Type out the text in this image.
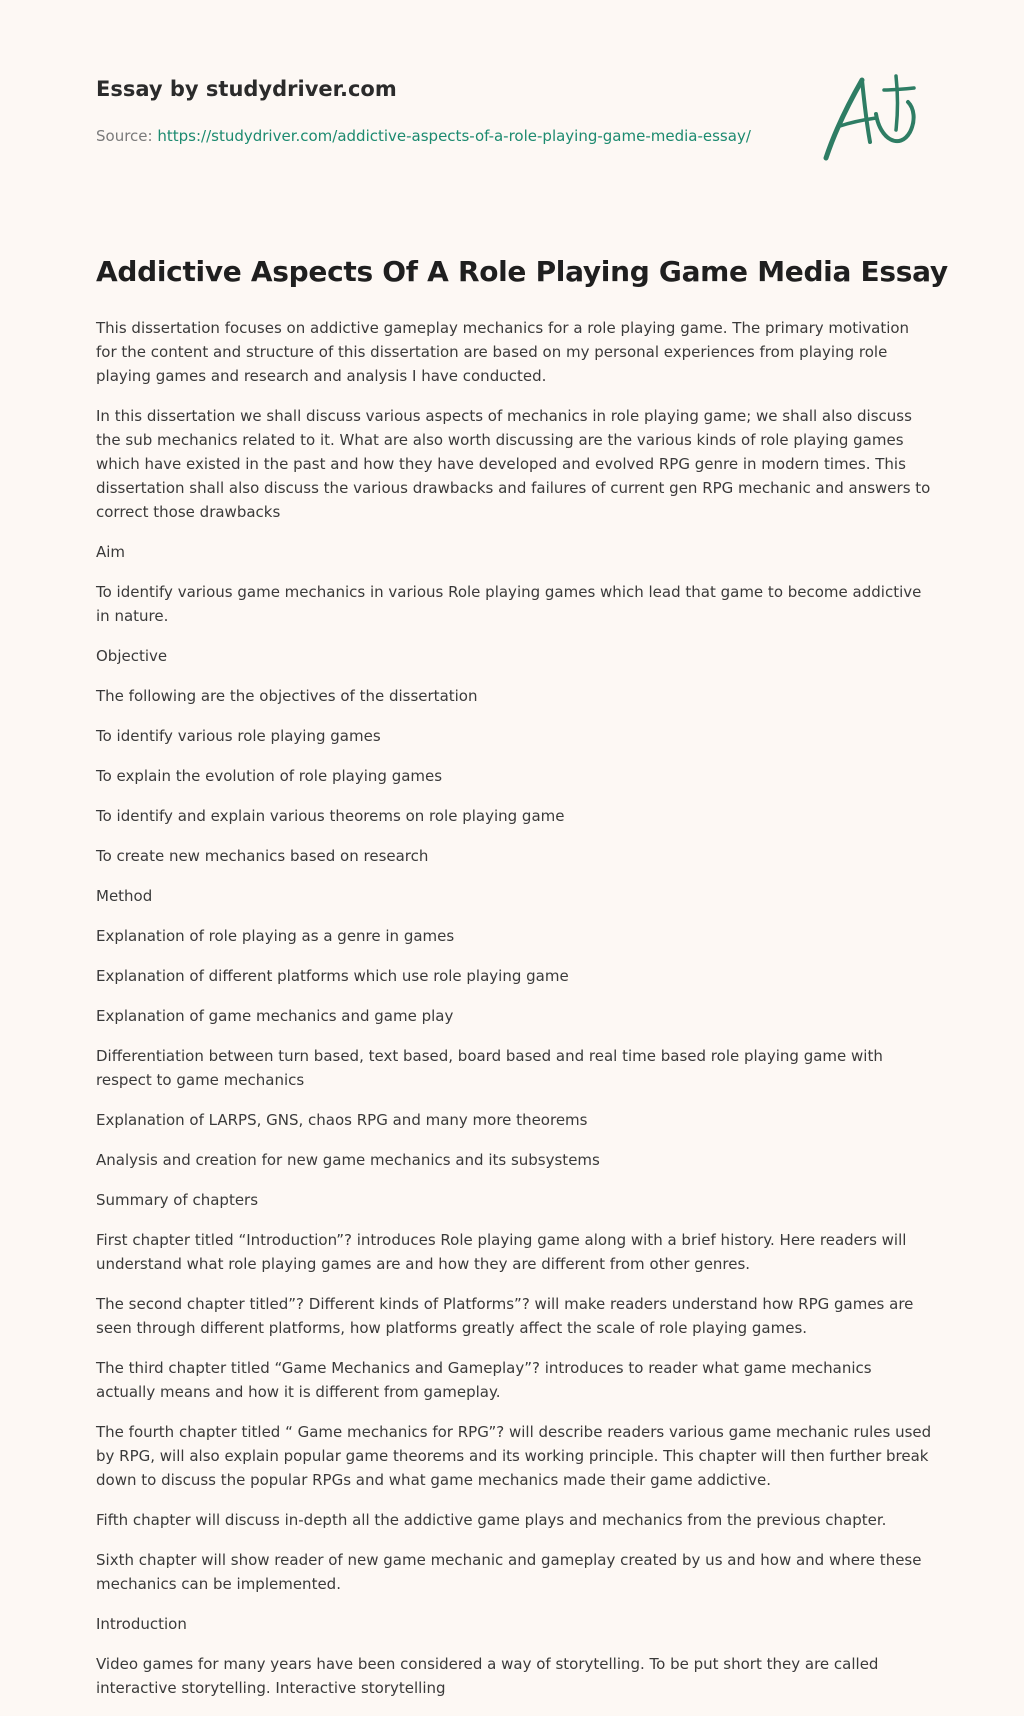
Essay by studydriver.com
Source: https://studydriver.com/addictive-aspects-of-a-role-playing-game-media-essay/
Addictive Aspects Of A Role Playing Game Media Essay

This dissertation focuses on addictive gameplay mechanics for a role playing game. The primary motivation for the content and structure of this dissertation are based on my personal experiences from playing role playing games and research and analysis I have conducted.

In this dissertation we shall discuss various aspects of mechanics in role playing game; we shall also discuss the sub mechanics related to it. What are also worth discussing are the various kinds of role playing games which have existed in the past and how they have developed and evolved RPG genre in modern times. This dissertation shall also discuss the various drawbacks and failures of current gen RPG mechanic and answers to correct those drawbacks

Aim

To identify various game mechanics in various Role playing games which lead that game to become addictive in nature.

Objective

The following are the objectives of the dissertation

To identify various role playing games

To explain the evolution of role playing games

To identify and explain various theorems on role playing game

To create new mechanics based on research

Method

Explanation of role playing as a genre in games

Explanation of different platforms which use role playing game

Explanation of game mechanics and game play

Differentiation between turn based, text based, board based and real time based role playing game with respect to game mechanics

Explanation of LARPS, GNS, chaos RPG and many more theorems

Analysis and creation for new game mechanics and its subsystems

Summary of chapters

First chapter titled “Introduction”? introduces Role playing game along with a brief history. Here readers will understand what role playing games are and how they are different from other genres.

The second chapter titled”? Different kinds of Platforms”? will make readers understand how RPG games are seen through different platforms, how platforms greatly affect the scale of role playing games.

The third chapter titled “Game Mechanics and Gameplay”? introduces to reader what game mechanics actually means and how it is different from gameplay.

The fourth chapter titled “ Game mechanics for RPG”? will describe readers various game mechanic rules used by RPG, will also explain popular game theorems and its working principle. This chapter will then further break down to discuss the popular RPGs and what game mechanics made their game addictive.

Fifth chapter will discuss in-depth all the addictive game plays and mechanics from the previous chapter.

Sixth chapter will show reader of new game mechanic and gameplay created by us and how and where these mechanics can be implemented.

Introduction

Video games for many years have been considered a way of storytelling. To be put short they are called interactive storytelling. Interactive storytelling
